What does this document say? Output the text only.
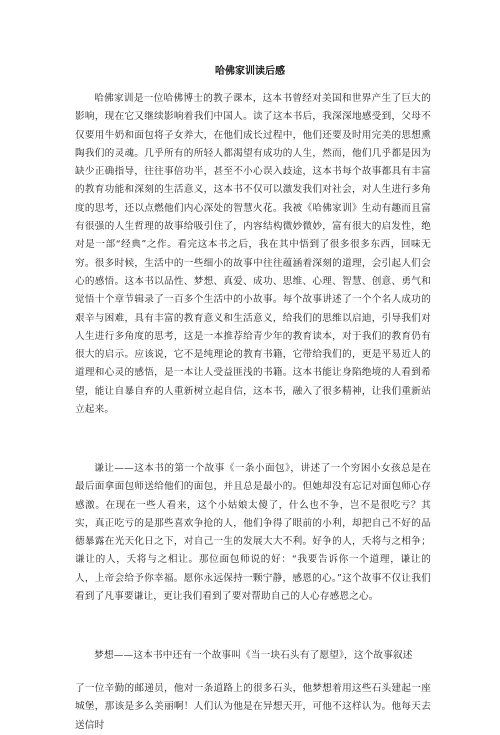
哈佛家训读后感

哈佛家训是一位哈佛博士的教子课本，这本书曾经对美国和世界产生了巨大的影响，现在它又继续影响着我们中国人。读了这本书后，我深深地感受到，父母不仅要用牛奶和面包将子女养大，在他们成长过程中，他们还要及时用完美的思想熏陶我们的灵魂。几乎所有的所轻人都渴望有成功的人生，然而，他们几乎都是因为缺少正确指导，往往事倍功半，甚至不小心误入歧途，这本书每个故事都具有丰富的教育功能和深刻的生活意义，这本书不仅可以激发我们对社会，对人生进行多角度的思考，还以点燃他们内心深处的智慧火花。我被《哈佛家训》生动有趣而且富有很强的人生哲理的故事给吸引住了，内容结构微妙微妙，富有很大的启发性，绝对是一部“经典”之作。看完这本书之后，我在其中悟到了很多很多东西，回味无穷。很多时候，生活中的一些细小的故事中往往蕴涵着深刻的道理，会引起人们会心的感悟。这本书以品性、梦想、真爱、成功、思维、心理、智慧、创意、勇气和觉悟十个章节辑录了一百多个生活中的小故事。每个故事讲述了一个个名人成功的艰辛与困难，具有丰富的教育意义和生活意义，给我们的思维以启迪，引导我们对人生进行多角度的思考，这是一本推荐给青少年的教育读本，对于我们的教育仍有很大的启示。应该说，它不是纯理论的教育书籍，它带给我们的，更是平易近人的道理和心灵的感悟，是一本让人受益匪浅的书籍。这本书能让身陷绝境的人看到希望，能让自暴自弃的人重新树立起自信，这本书，融入了很多精神，让我们重新站立起来。

谦让——这本书的第一个故事《一条小面包》，讲述了一个穷困小女孩总是在最后面拿面包师送给他们的面包，并且总是最小的。但她却没有忘记对面包师心存感激。在现在一些人看来，这个小姑娘太傻了，什么也不争，岂不是很吃亏？其实，真正吃亏的是那些喜欢争抢的人，他们争得了眼前的小利，却把自己不好的品德暴露在光天化日之下，对自己一生的发展大大不利。好争的人，夭将与之相争；谦让的人，夭将与之相让。那位面包师说的好：“我要告诉你一个道理，谦让的人，上帝会给予你幸福。愿你永远保持一颗宁静，感恩的心。”这个故事不仅让我们看到了凡事要谦让，更让我们看到了要对帮助自己的人心存感恩之心。

梦想——这本书中还有一个故事叫《当一块石头有了愿望》，这个故事叙述

了一位辛勤的邮递员，他对一条道路上的很多石头，他梦想着用这些石头建起一座城堡，那该是多么美丽啊！人们认为他是在异想天开，可他不这样认为。他每天去送信时
